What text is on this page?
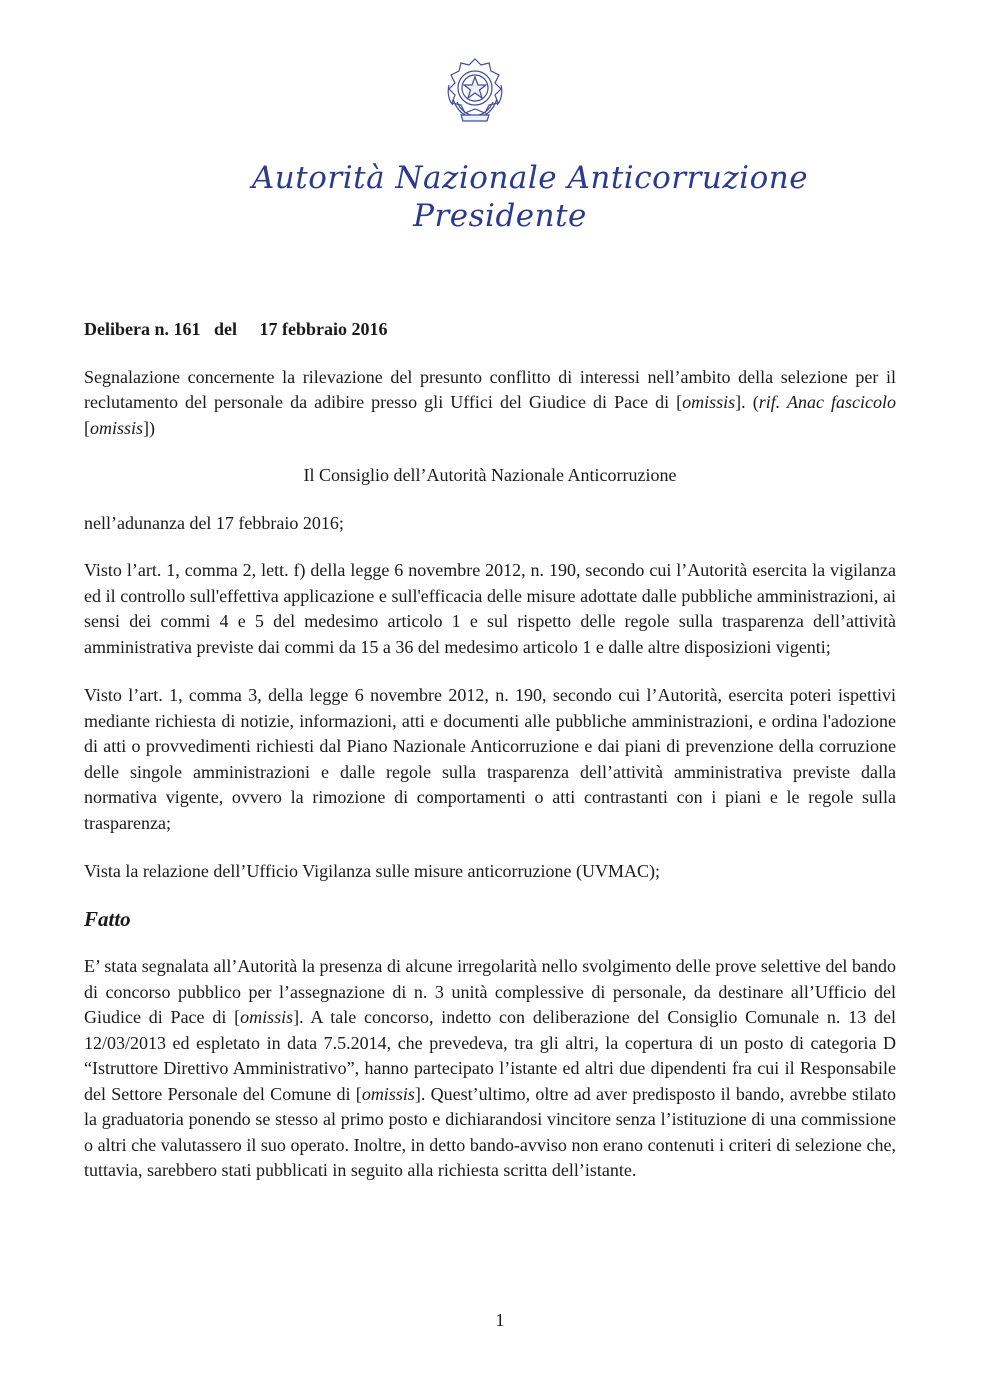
Autorità Nazionale Anticorruzione
Presidente

Delibera n. 161 del 17 febbraio 2016

Segnalazione concernente la rilevazione del presunto conflitto di interessi nell’ambito della selezione per il reclutamento del personale da adibire presso gli Uffici del Giudice di Pace di [omissis]. (rif. Anac fascicolo [omissis])

Il Consiglio dell’Autorità Nazionale Anticorruzione

nell’adunanza del 17 febbraio 2016;

Visto l’art. 1, comma 2, lett. f) della legge 6 novembre 2012, n. 190, secondo cui l’Autorità esercita la vigilanza ed il controllo sull'effettiva applicazione e sull'efficacia delle misure adottate dalle pubbliche amministrazioni, ai sensi dei commi 4 e 5 del medesimo articolo 1 e sul rispetto delle regole sulla trasparenza dell’attività amministrativa previste dai commi da 15 a 36 del medesimo articolo 1 e dalle altre disposizioni vigenti;

Visto l’art. 1, comma 3, della legge 6 novembre 2012, n. 190, secondo cui l’Autorità, esercita poteri ispettivi mediante richiesta di notizie, informazioni, atti e documenti alle pubbliche amministrazioni, e ordina l'adozione di atti o provvedimenti richiesti dal Piano Nazionale Anticorruzione e dai piani di prevenzione della corruzione delle singole amministrazioni e dalle regole sulla trasparenza dell’attività amministrativa previste dalla normativa vigente, ovvero la rimozione di comportamenti o atti contrastanti con i piani e le regole sulla trasparenza;

Vista la relazione dell’Ufficio Vigilanza sulle misure anticorruzione (UVMAC);

Fatto

E’ stata segnalata all’Autorità la presenza di alcune irregolarità nello svolgimento delle prove selettive del bando di concorso pubblico per l’assegnazione di n. 3 unità complessive di personale, da destinare all’Ufficio del Giudice di Pace di [omissis]. A tale concorso, indetto con deliberazione del Consiglio Comunale n. 13 del 12/03/2013 ed espletato in data 7.5.2014, che prevedeva, tra gli altri, la copertura di un posto di categoria D “Istruttore Direttivo Amministrativo”, hanno partecipato l’istante ed altri due dipendenti fra cui il Responsabile del Settore Personale del Comune di [omissis]. Quest’ultimo, oltre ad aver predisposto il bando, avrebbe stilato la graduatoria ponendo se stesso al primo posto e dichiarandosi vincitore senza l’istituzione di una commissione o altri che valutassero il suo operato. Inoltre, in detto bando-avviso non erano contenuti i criteri di selezione che, tuttavia, sarebbero stati pubblicati in seguito alla richiesta scritta dell’istante.

1
